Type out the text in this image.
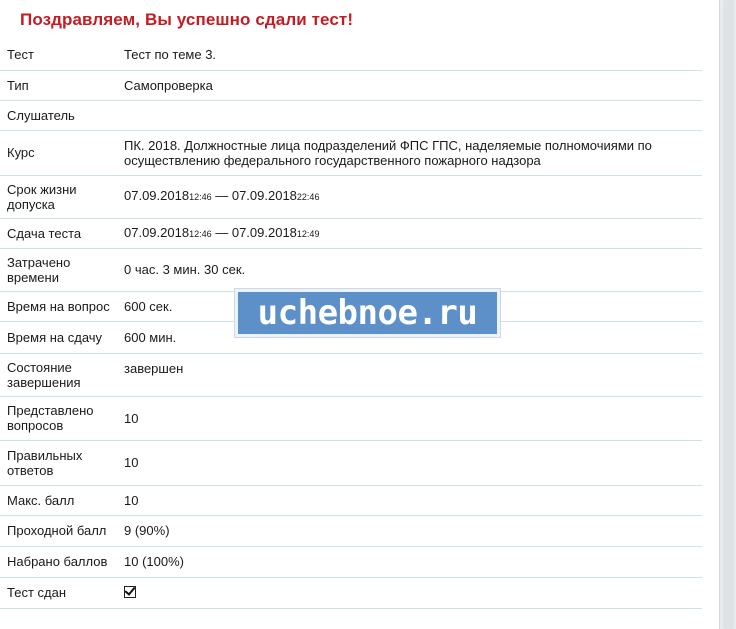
Поздравляем, Вы успешно сдали тест!
Тест	Тест по теме 3.
Тип	Самопроверка
Слушатель	
Курс	ПК. 2018. Должностные лица подразделений ФПС ГПС, наделяемые полномочиями по осуществлению федерального государственного пожарного надзора
Срок жизни допуска	07.09.201812:46 — 07.09.201822:46
Сдача теста	07.09.201812:46 — 07.09.201812:49
Затрачено времени	0 час. 3 мин. 30 сек.
Время на вопрос	600 сек.
Время на сдачу	600 мин.
Состояние завершения	завершен
Представлено вопросов	10
Правильных ответов	10
Макс. балл	10
Проходной балл	9 (90%)
Набрано баллов	10 (100%)
Тест сдан	
uchebnoe.ru
